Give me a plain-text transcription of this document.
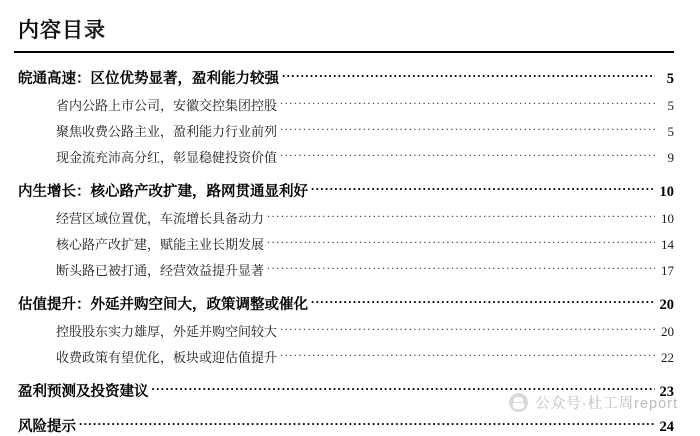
内容目录
皖通高速：区位优势显著，盈利能力较强 .....	5
省内公路上市公司，安徽交控集团控股 .....	5
聚焦收费公路主业，盈利能力行业前列 .....	5
现金流充沛高分红，彰显稳健投资价值 .....	9
内生增长：核心路产改扩建，路网贯通显利好 .....	10
经营区域位置优，车流增长具备动力 .....	10
核心路产改扩建，赋能主业长期发展 .....	14
断头路已被打通，经营效益提升显著 .....	17
估值提升：外延并购空间大，政策调整或催化 .....	20
控股股东实力雄厚，外延并购空间较大 .....	20
收费政策有望优化，板块或迎估值提升 .....	22
盈利预测及投资建议 .....	23
风险提示 .....	24
公众号·杜工周report
